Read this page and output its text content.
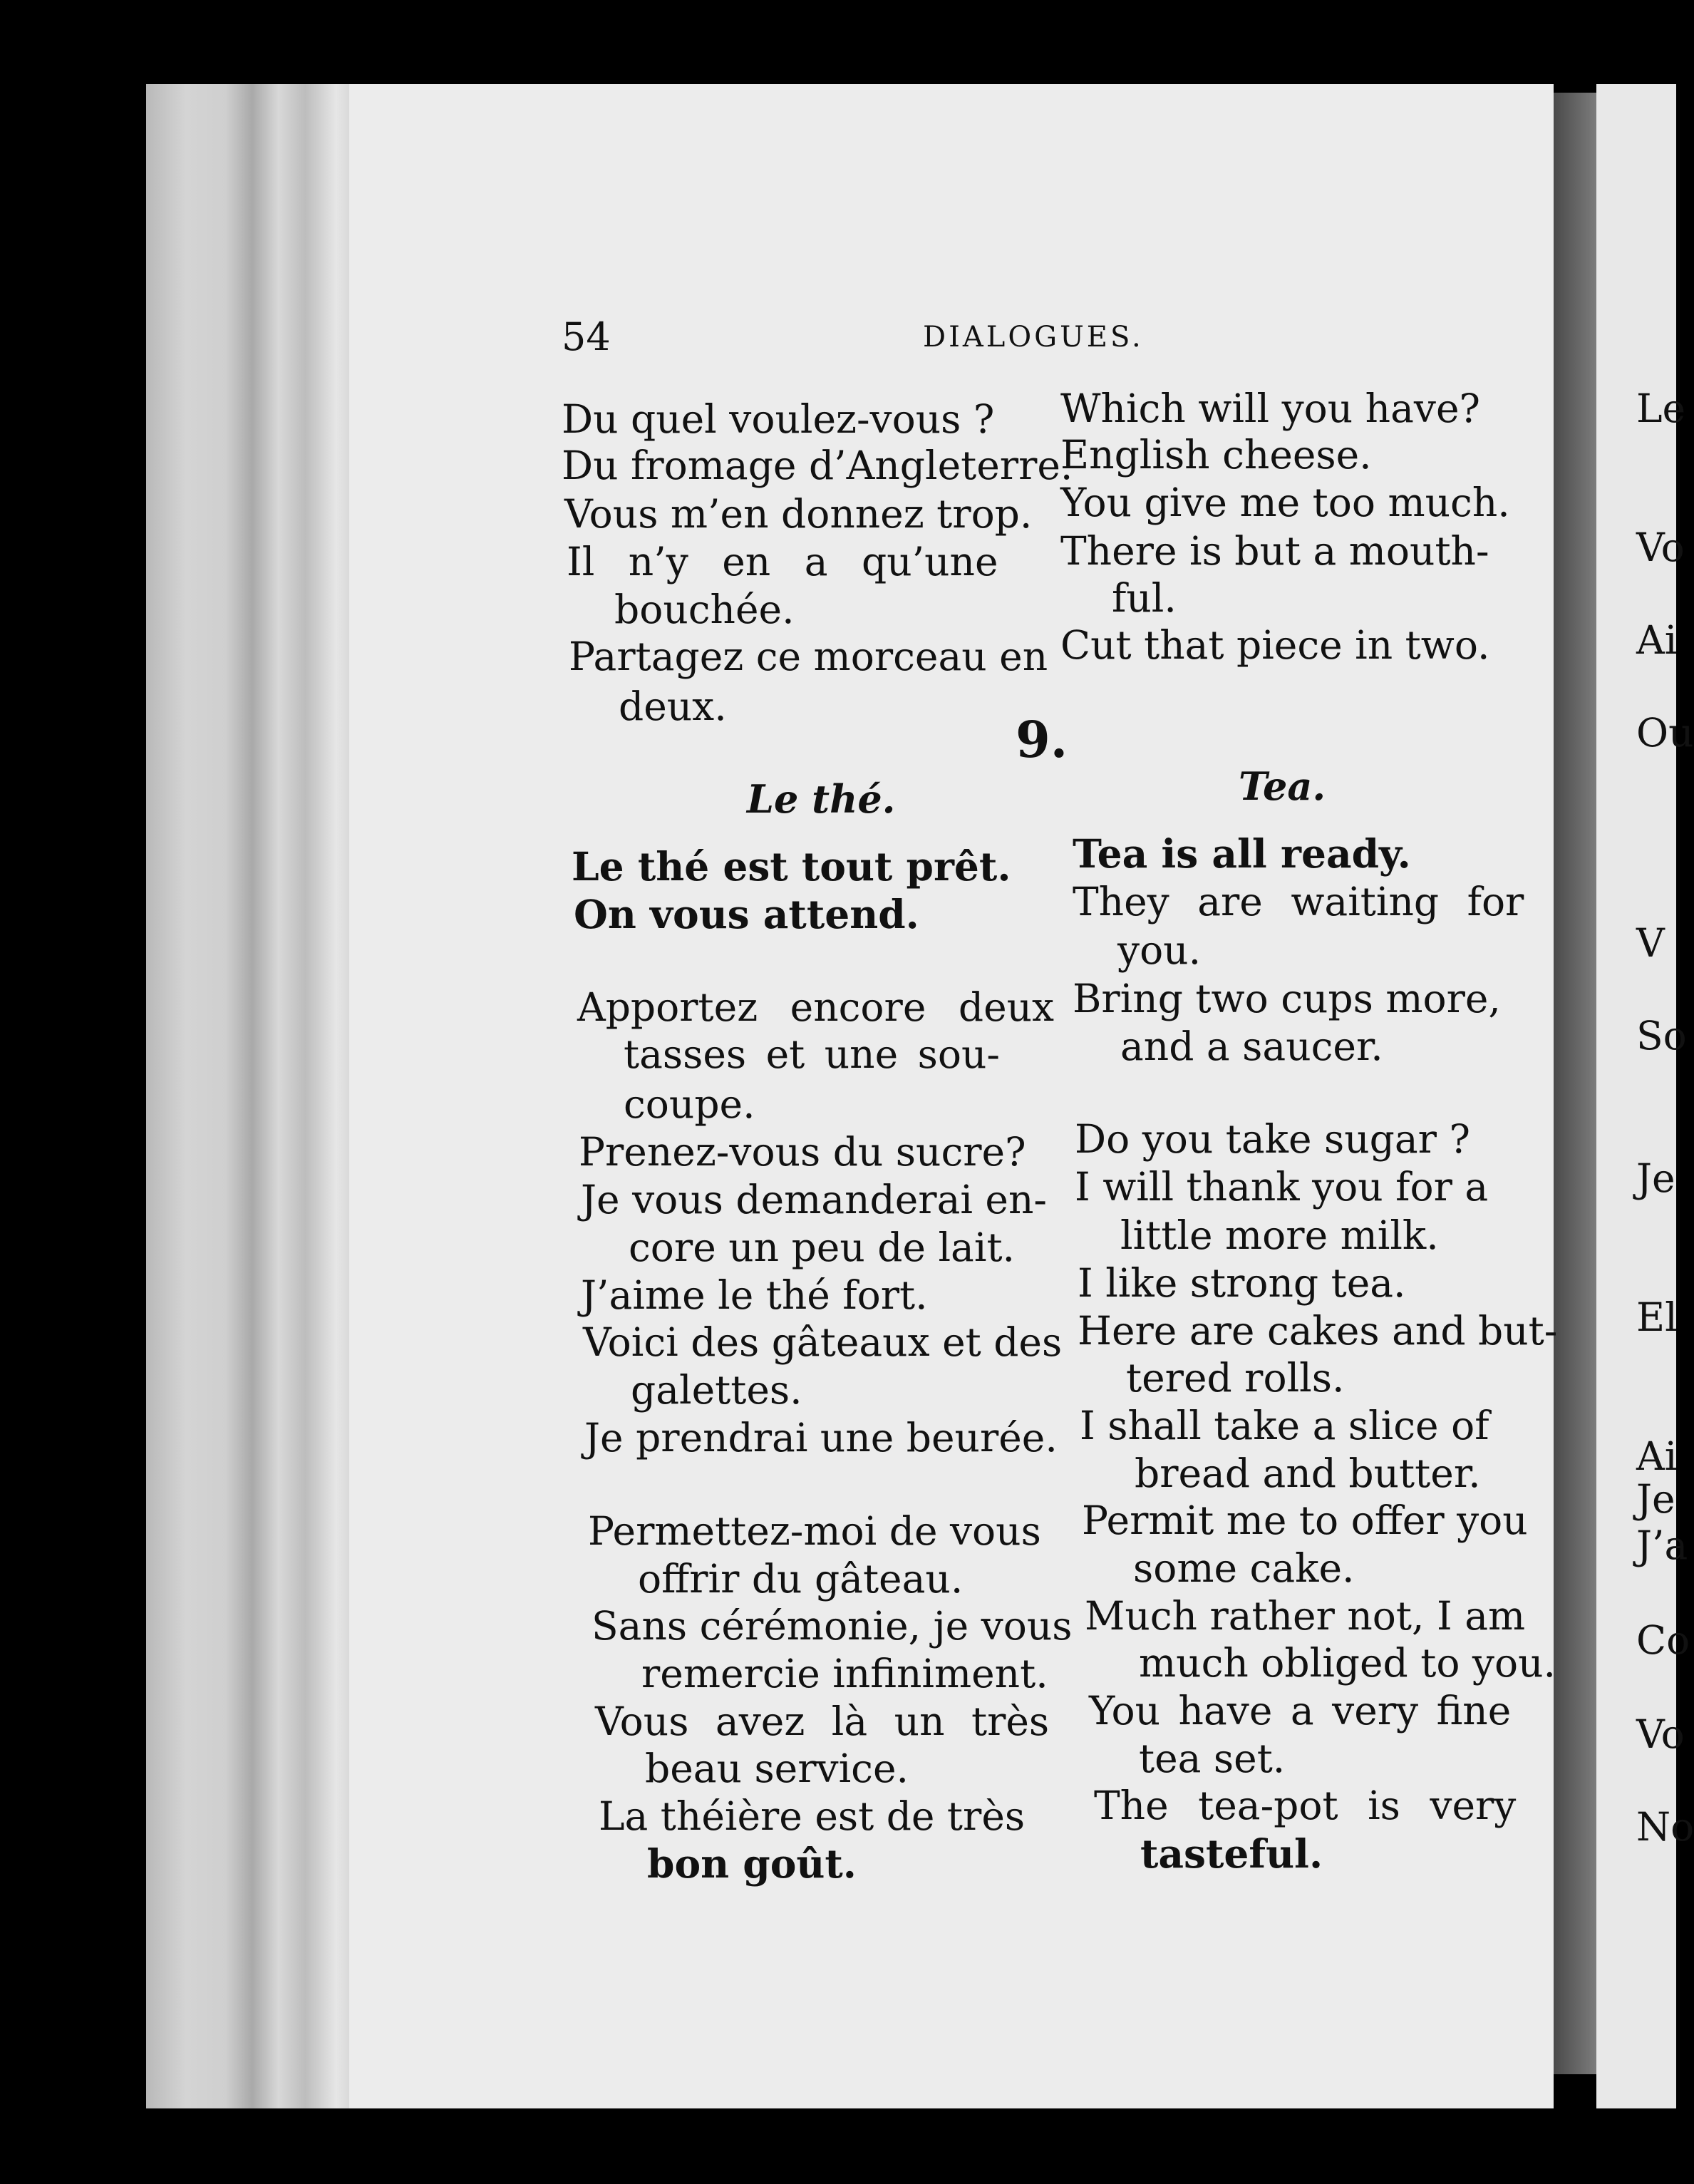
54	DIALOGUES.
Du quel voulez-vous ?
Du fromage d’Angleterre.
Vous m’en donnez trop.
Il n’y en a qu’une
bouchée.
Partagez ce morceau en
deux.
Which will you have?
English cheese.
You give me too much.
There is but a mouth-
ful.
Cut that piece in two.
9.
Le thé.	Tea.
Le thé est tout prêt.
On vous attend.
Apportez encore deux
tasses et une sou-
coupe.
Prenez-vous du sucre?
Je vous demanderai en-
core un peu de lait.
J’aime le thé fort.
Voici des gâteaux et des
galettes.
Je prendrai une beurée.
Permettez-moi de vous
offrir du gâteau.
Sans cérémonie, je vous
remercie infiniment.
Vous avez là un très
beau service.
La théière est de très
bon goût.
Tea is all ready.
They are waiting for
you.
Bring two cups more,
and a saucer.
Do you take sugar ?
I will thank you for a
little more milk.
I like strong tea.
Here are cakes and but-
tered rolls.
I shall take a slice of
bread and butter.
Permit me to offer you
some cake.
Much rather not, I am
much obliged to you.
You have a very fine
tea set.
The tea-pot is very
tasteful.
Le
Vo
Ai
Ou
V
So
Je
El
Ai
Je
J’a
Co
Vo
No
